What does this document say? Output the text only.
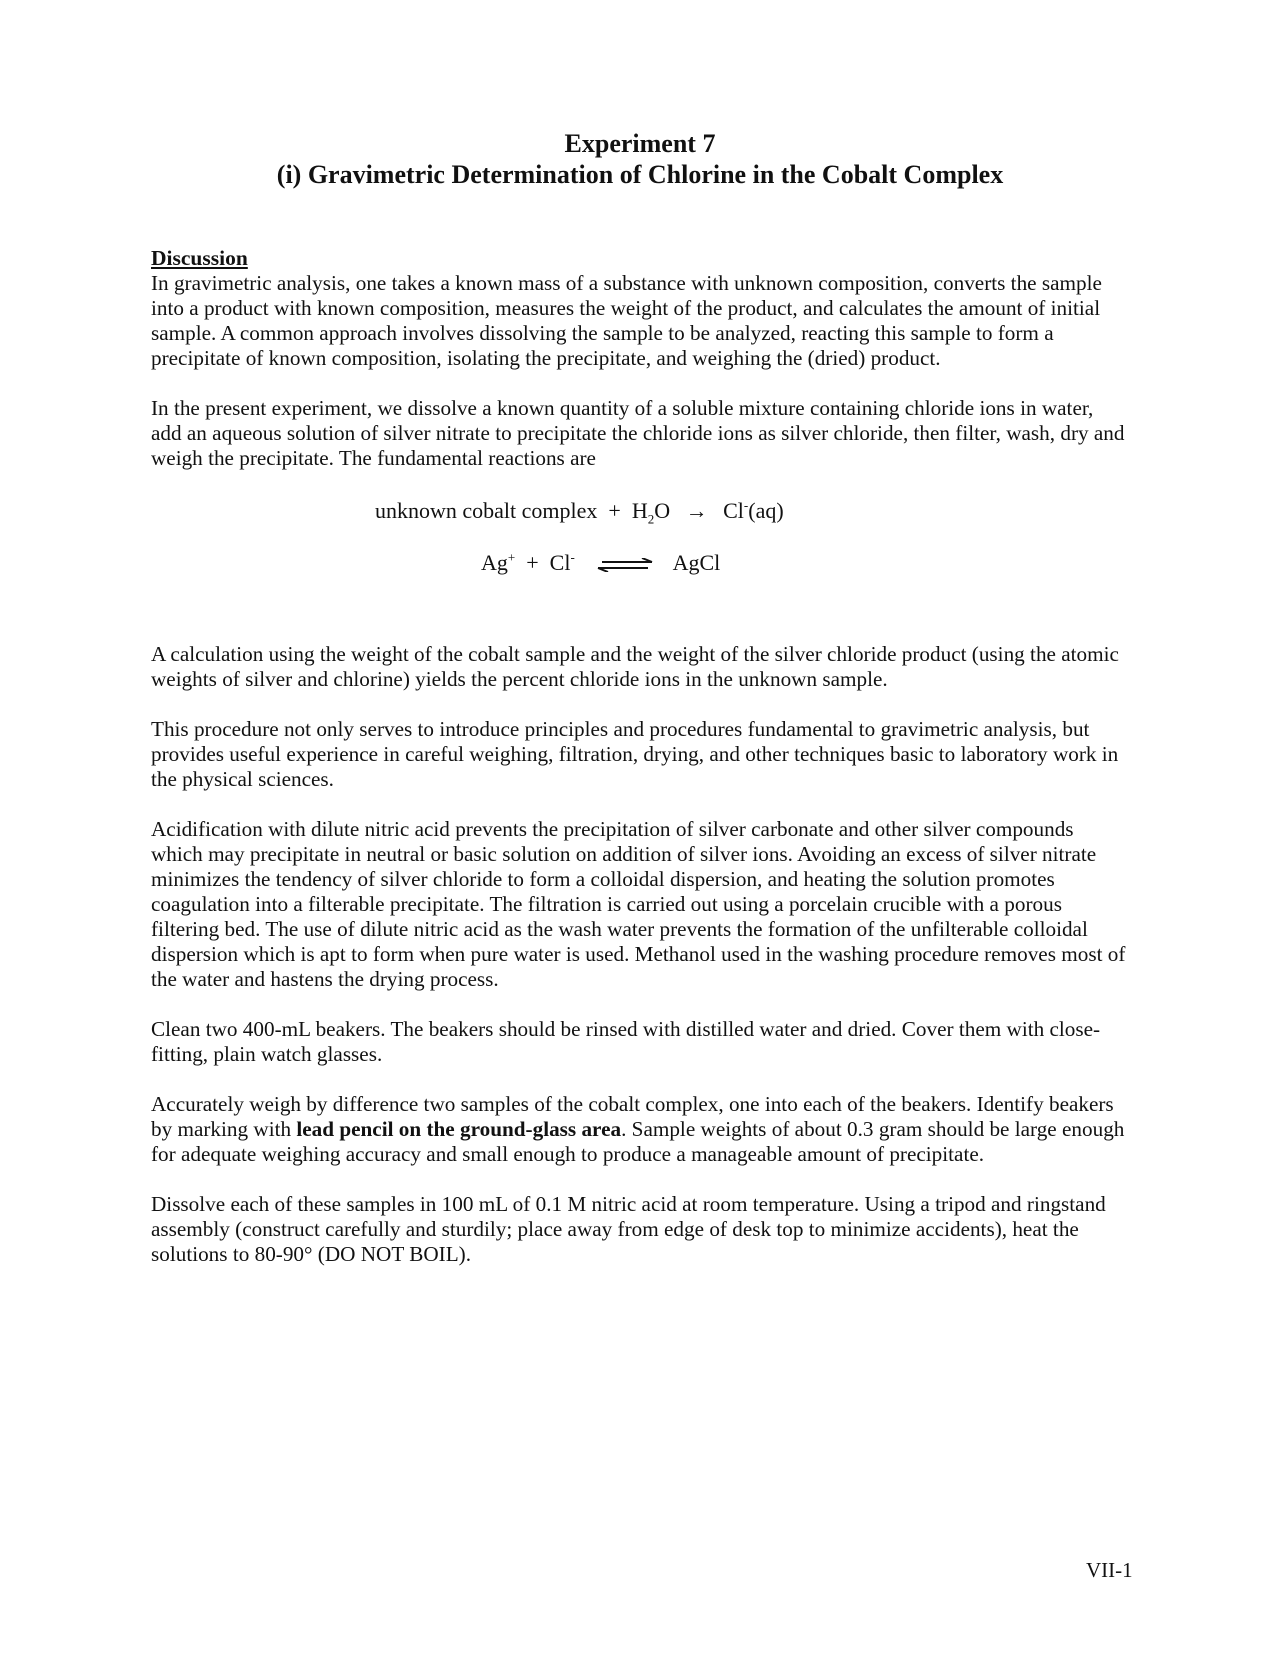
Experiment 7
(i) Gravimetric Determination of Chlorine in the Cobalt Complex

Discussion

In gravimetric analysis, one takes a known mass of a substance with unknown composition, converts the sample into a product with known composition, measures the weight of the product, and calculates the amount of initial sample. A common approach involves dissolving the sample to be analyzed, reacting this sample to form a precipitate of known composition, isolating the precipitate, and weighing the (dried) product.

In the present experiment, we dissolve a known quantity of a soluble mixture containing chloride ions in water, add an aqueous solution of silver nitrate to precipitate the chloride ions as silver chloride, then filter, wash, dry and weigh the precipitate. The fundamental reactions are

unknown cobalt complex + $H_2O \to Cl^-(aq)$
Ag+ + Cl- ⇌ AgCl

A calculation using the weight of the cobalt sample and the weight of the silver chloride product (using the atomic weights of silver and chlorine) yields the percent chloride ions in the unknown sample.

This procedure not only serves to introduce principles and procedures fundamental to gravimetric analysis, but provides useful experience in careful weighing, filtration, drying, and other techniques basic to laboratory work in the physical sciences.

Acidification with dilute nitric acid prevents the precipitation of silver carbonate and other silver compounds which may precipitate in neutral or basic solution on addition of silver ions. Avoiding an excess of silver nitrate minimizes the tendency of silver chloride to form a colloidal dispersion, and heating the solution promotes coagulation into a filterable precipitate. The filtration is carried out using a porcelain crucible with a porous filtering bed. The use of dilute nitric acid as the wash water prevents the formation of the unfilterable colloidal dispersion which is apt to form when pure water is used. Methanol used in the washing procedure removes most of the water and hastens the drying process.

Clean two 400-mL beakers. The beakers should be rinsed with distilled water and dried. Cover them with close-fitting, plain watch glasses.

Accurately weigh by difference two samples of the cobalt complex, one into each of the beakers. Identify beakers by marking with lead pencil on the ground-glass area. Sample weights of about 0.3 gram should be large enough for adequate weighing accuracy and small enough to produce a manageable amount of precipitate.

Dissolve each of these samples in 100 mL of 0.1 M nitric acid at room temperature. Using a tripod and ringstand assembly (construct carefully and sturdily; place away from edge of desk top to minimize accidents), heat the solutions to 80-90° (DO NOT BOIL).

VII-1
